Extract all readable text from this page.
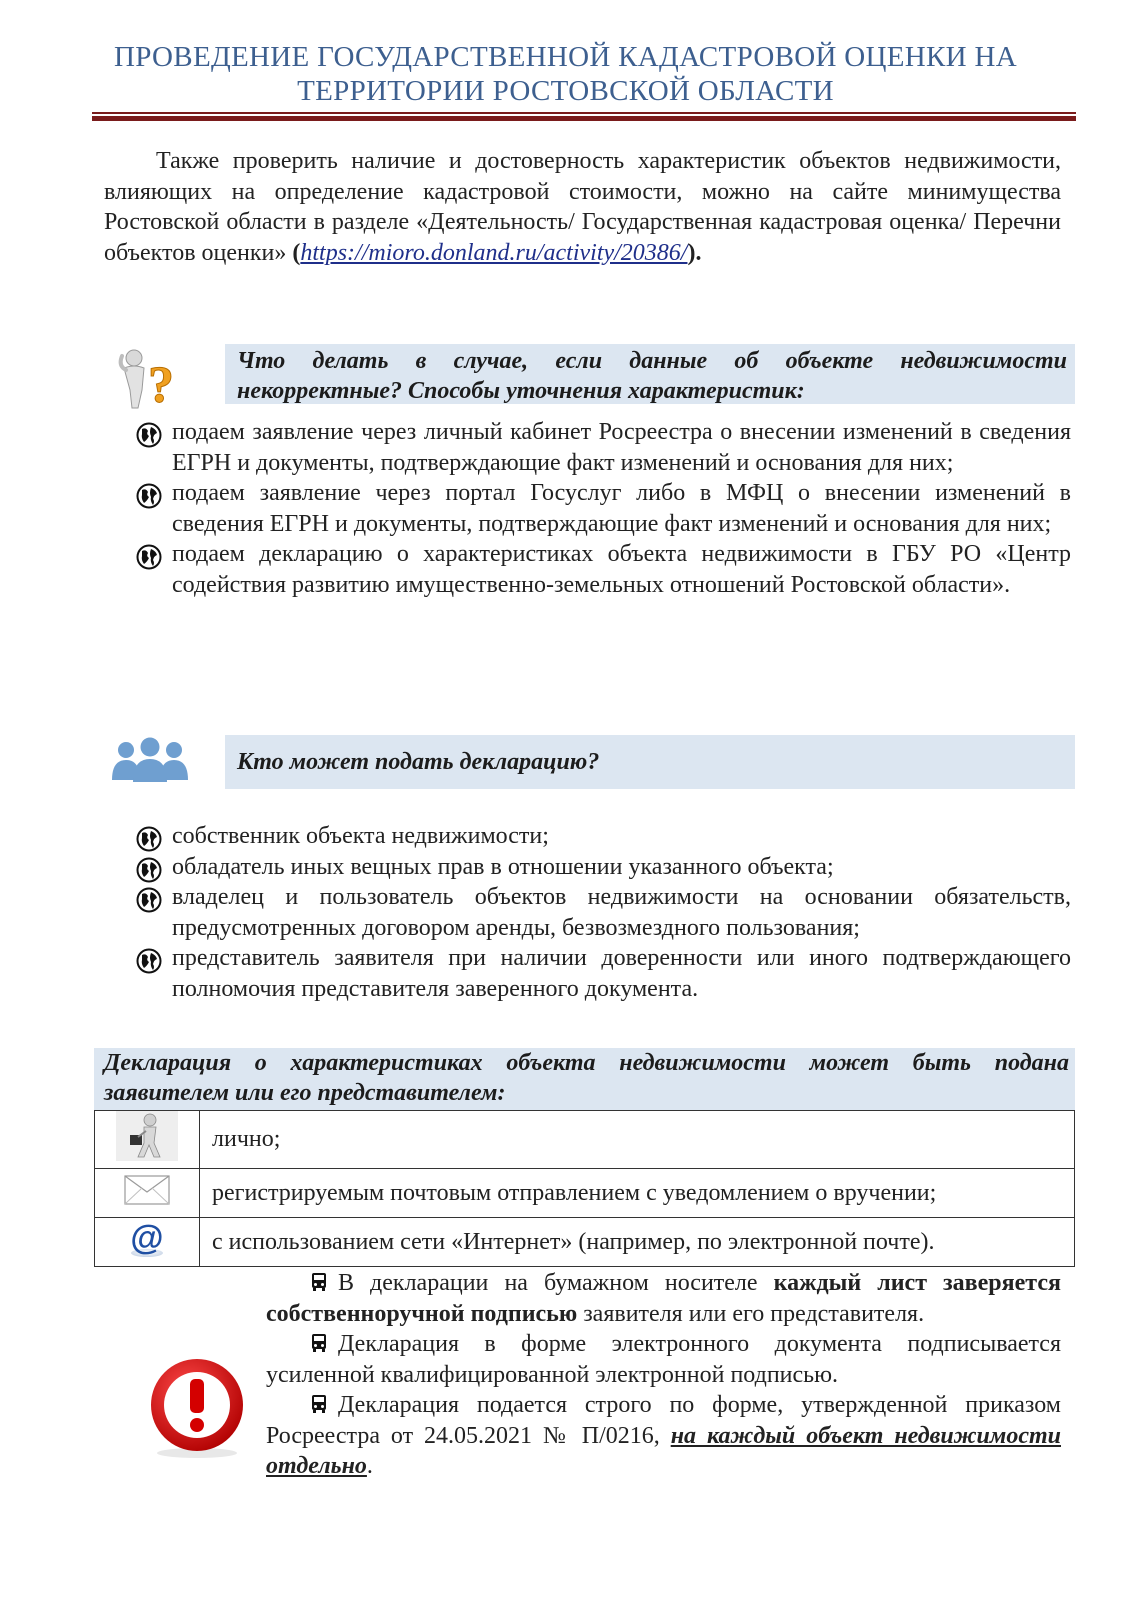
ПРОВЕДЕНИЕ ГОСУДАРСТВЕННОЙ КАДАСТРОВОЙ ОЦЕНКИ НА
ТЕРРИТОРИИ РОСТОВСКОЙ ОБЛАСТИ
Также проверить наличие и достоверность характеристик объектов недвижимости, влияющих на определение кадастровой стоимости, можно на сайте минимущества Ростовской области в разделе «Деятельность/ Государственная кадастровая оценка/ Перечни объектов оценки» (https://mioro.donland.ru/activity/20386/).
?	Что делать в случае, если данные об объекте недвижимости
некорректные? Способы уточнения характеристик:
подаем заявление через личный кабинет Росреестра о внесении изменений в сведения ЕГРН и документы, подтверждающие факт изменений и основания для них;
подаем заявление через портал Госуслуг либо в МФЦ о внесении изменений в сведения ЕГРН и документы, подтверждающие факт изменений и основания для них;
подаем декларацию о характеристиках объекта недвижимости в ГБУ РО «Центр содействия развитию имущественно-земельных отношений Ростовской области».
Кто может подать декларацию?
собственник объекта недвижимости;
обладатель иных вещных прав в отношении указанного объекта;
владелец и пользователь объектов недвижимости на основании обязательств, предусмотренных договором аренды, безвозмездного пользования;
представитель заявителя при наличии доверенности или иного подтверждающего полномочия представителя заверенного документа.
Декларация о характеристиках объекта недвижимости может быть подана
заявителем или его представителем:
	лично;
	регистрируемым почтовым отправлением с уведомлением о вручении;

@	с использованием сети «Интернет» (например, по электронной почте).

В декларации на бумажном носителе каждый лист заверяется собственноручной подписью заявителя или его представителя.

Декларация в форме электронного документа подписывается усиленной квалифицированной электронной подписью.

Декларация подается строго по форме, утвержденной приказом Росреестра от 24.05.2021 № П/0216, на каждый объект недвижимости отдельно.
